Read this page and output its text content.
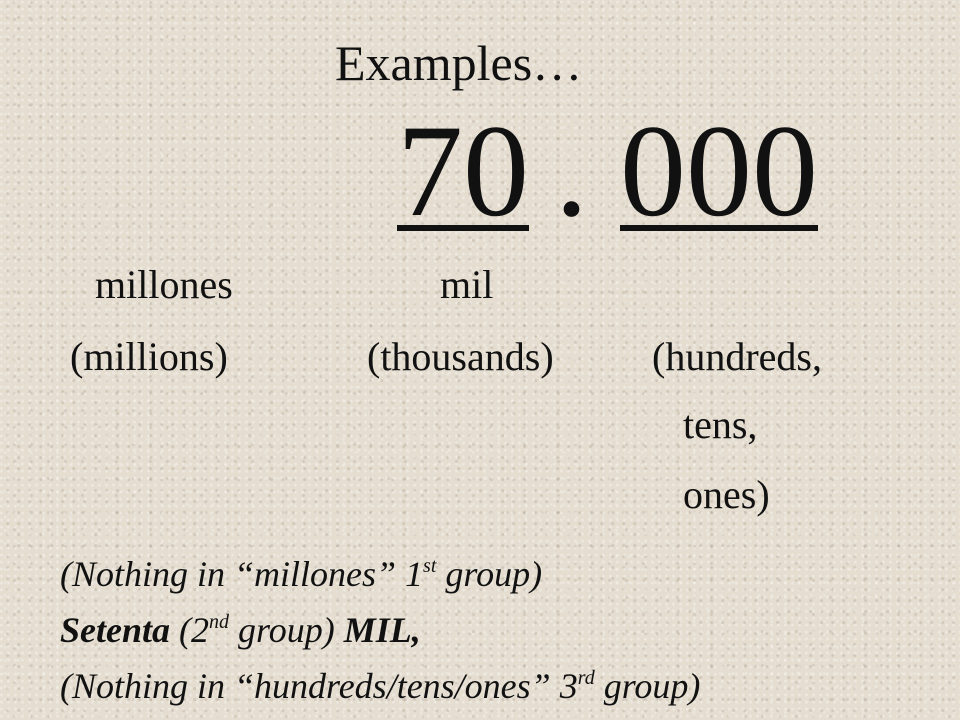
Examples…
70 . 000
millones	mil
(millions)	(thousands) (hundreds,
tens,
ones)
(Nothing in “millones” 1st group)
Setenta (2nd group) MIL,
(Nothing in “hundreds/tens/ones” 3rd group)
